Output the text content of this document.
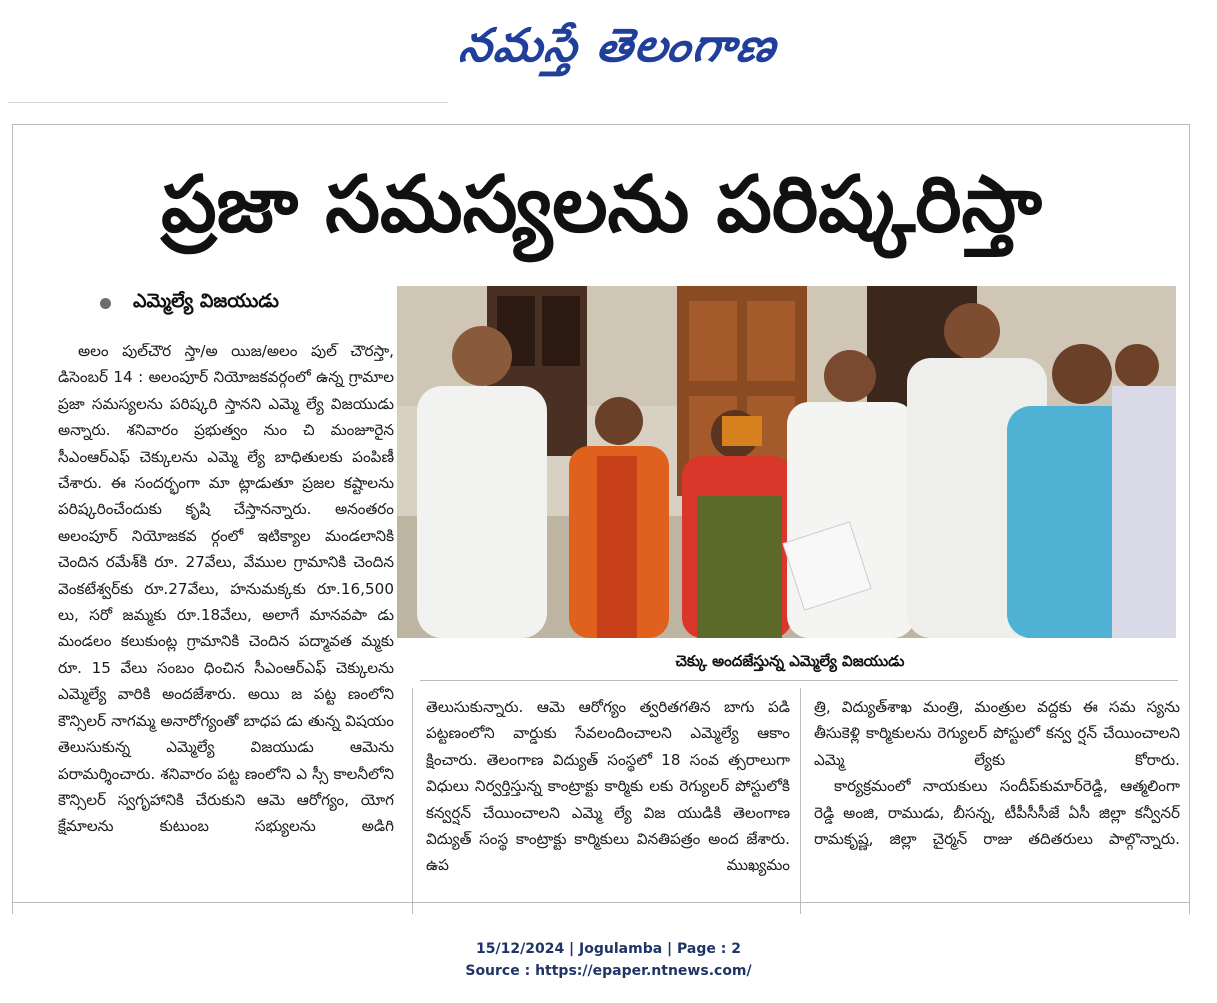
నమస్తే తెలంగాణ
ప్రజా సమస్యలను పరిష్కరిస్తా
ఎమ్మెల్యే విజయుడు
అలం పుల్‌చౌర స్తా/అ యిజ/అలం పుల్ చౌరస్తా, డిసెంబర్ 14 : అలంపూర్ నియోజకవర్గంలో ఉన్న గ్రామాల ప్రజా సమస్యలను పరిష్కరి స్తానని ఎమ్మె ల్యే విజయుడు అన్నారు. శనివారం ప్రభుత్వం నుం చి మంజూరైన సీఎంఆర్‌ఎఫ్ చెక్కులను ఎమ్మె ల్యే బాధితులకు పంపిణీ చేశారు. ఈ సందర్భంగా మా ట్లాడుతూ ప్రజల కష్టాలను పరిష్కరించేందుకు కృషి చేస్తానన్నారు. అనంతరం అలంపూర్ నియోజకవ ర్గంలో ఇటిక్యాల మండలానికి చెందిన రమేశ్‌కి రూ. 27వేలు, వేముల గ్రామానికి చెందిన వెంకటేశ్వర్‌కు రూ.27వేలు, హనుమక్కకు రూ.16,500 లు, సరో జమ్మకు రూ.18వేలు, అలాగే మానవపా డు మండలం కలుకుంట్ల గ్రామానికి చెందిన పద్మావత మ్మకు రూ. 15 వేలు సంబం ధించిన సీఎంఆర్‌ఎఫ్ చెక్కులను ఎమ్మెల్యే వారికి అందజేశారు. అయి జ పట్ట ణంలోని కౌన్సిలర్ నాగమ్మ అనారోగ్యంతో బాధప డు తున్న విషయం తెలుసుకున్న ఎమ్మెల్యే విజయుడు ఆమెను పరామర్శించారు. శనివారం పట్ట ణంలోని ఎ స్సీ కాలనీలోని కౌన్సిలర్ స్వగృహానికి చేరుకుని ఆమె ఆరోగ్యం, యోగ క్షేమాలను కుటుంబ సభ్యులను అడిగి
చెక్కు అందజేస్తున్న ఎమ్మెల్యే విజయుడు
తెలుసుకున్నారు. ఆమె ఆరోగ్యం త్వరితగతిన బాగు పడి పట్టణంలోని వార్డుకు సేవలందించాలని ఎమ్మెల్యే ఆకాం క్షించారు. తెలంగాణ విద్యుత్ సంస్థలో 18 సంవ త్సరాలుగా విధులు నిర్వర్తిస్తున్న కాంట్రాక్టు కార్మికు లకు రెగ్యులర్ పోస్టులోకి కన్వర్షన్ చేయించాలని ఎమ్మె ల్యే విజ యుడికి తెలంగాణ విద్యుత్ సంస్థ కాంట్రాక్టు కార్మికులు వినతిపత్రం అంద జేశారు. ఉప ముఖ్యమం
త్రి, విద్యుత్‌శాఖ మంత్రి, మంత్రుల వద్దకు ఈ సమ స్యను తీసుకెళ్లి కార్మికులను రెగ్యులర్ పోస్టులో కన్వ ర్షన్ చేయించాలని ఎమ్మె ల్యేకు కోరారు.
కార్యక్రమంలో నాయకులు సందీప్‌కుమార్‌రెడ్డి, ఆత్మలింగా రెడ్డి అంజి, రాముడు, బీసన్న, టీపీసీసీజే ఏసీ జిల్లా కన్వీనర్ రామకృష్ణ, జిల్లా చైర్మన్ రాజు తదితరులు పాల్గొన్నారు.
15/12/2024 | Jogulamba | Page : 2
Source : https://epaper.ntnews.com/
